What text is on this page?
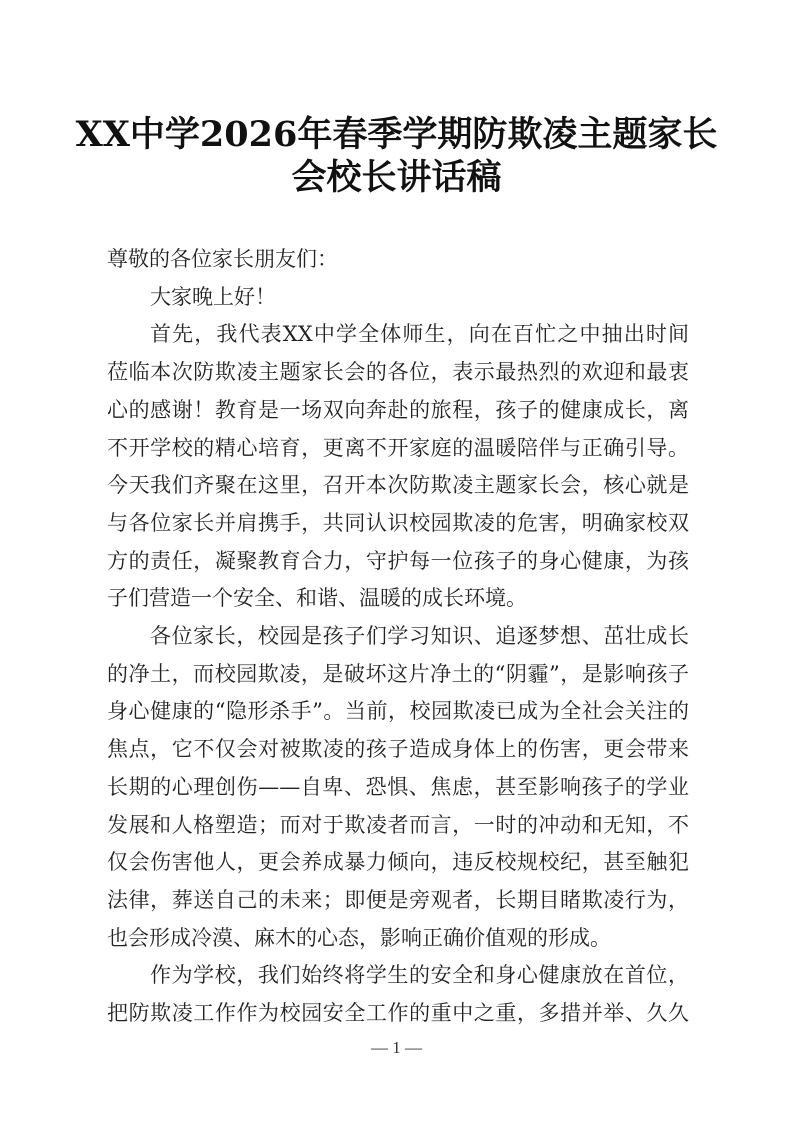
XX中学2026年春季学期防欺凌主题家长
会校长讲话稿
尊敬的各位家长朋友们：
大家晚上好！
首先，我代表XX中学全体师生，向在百忙之中抽出时间
莅临本次防欺凌主题家长会的各位，表示最热烈的欢迎和最衷
心的感谢！教育是一场双向奔赴的旅程，孩子的健康成长，离
不开学校的精心培育，更离不开家庭的温暖陪伴与正确引导。
今天我们齐聚在这里，召开本次防欺凌主题家长会，核心就是
与各位家长并肩携手，共同认识校园欺凌的危害，明确家校双
方的责任，凝聚教育合力，守护每一位孩子的身心健康，为孩
子们营造一个安全、和谐、温暖的成长环境。
各位家长，校园是孩子们学习知识、追逐梦想、茁壮成长
的净土，而校园欺凌，是破坏这片净土的“阴霾”，是影响孩子
身心健康的“隐形杀手”。当前，校园欺凌已成为全社会关注的
焦点，它不仅会对被欺凌的孩子造成身体上的伤害，更会带来
长期的心理创伤——自卑、恐惧、焦虑，甚至影响孩子的学业
发展和人格塑造；而对于欺凌者而言，一时的冲动和无知，不
仅会伤害他人，更会养成暴力倾向，违反校规校纪，甚至触犯
法律，葬送自己的未来；即便是旁观者，长期目睹欺凌行为，
也会形成冷漠、麻木的心态，影响正确价值观的形成。
作为学校，我们始终将学生的安全和身心健康放在首位，
把防欺凌工作作为校园安全工作的重中之重，多措并举、久久
— 1 —
